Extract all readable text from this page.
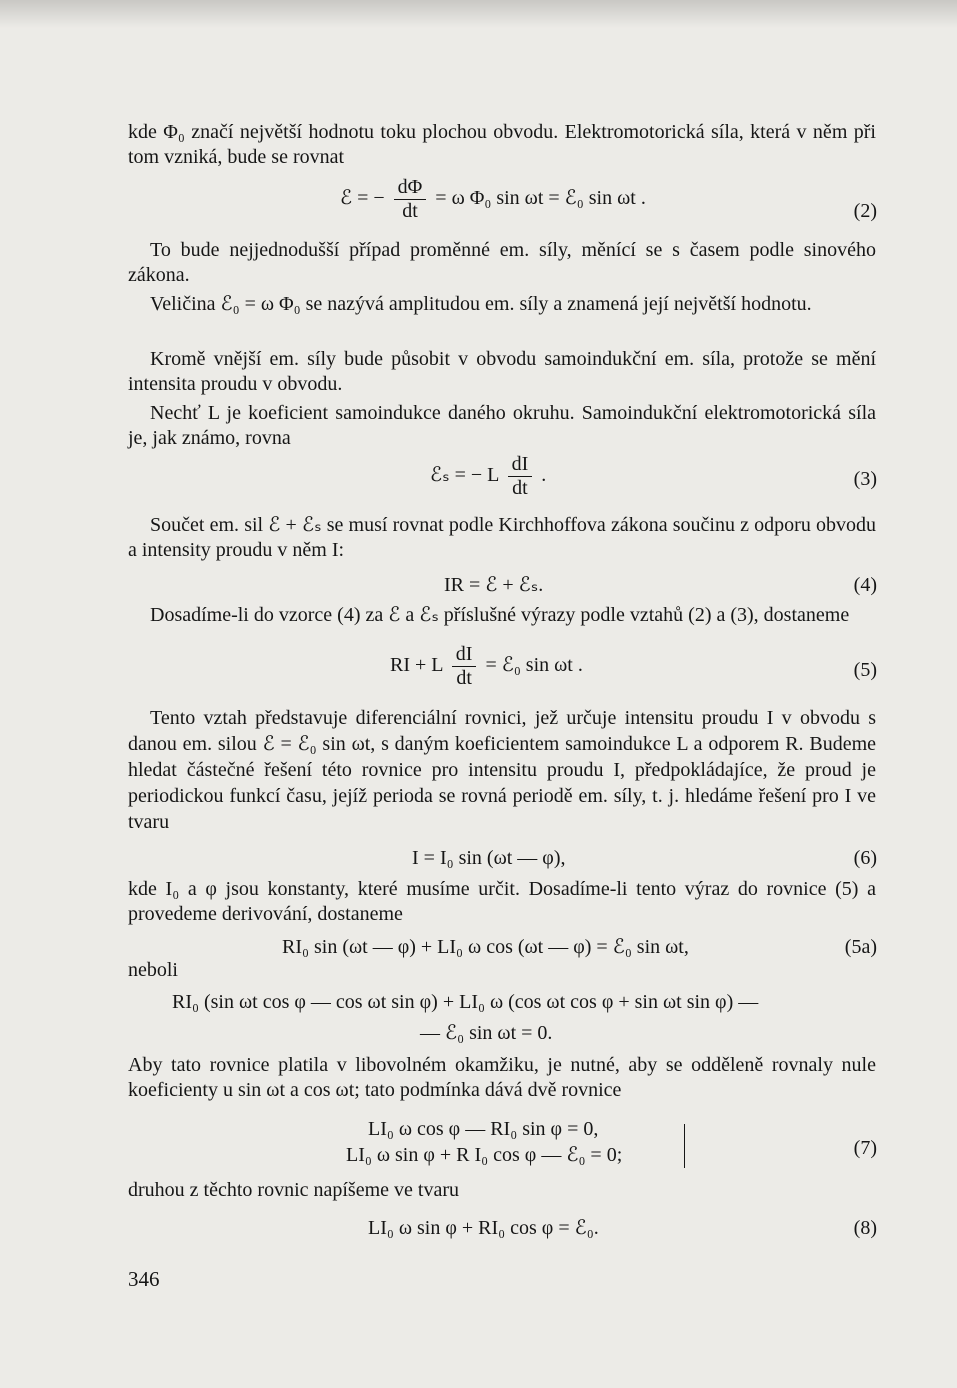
kde Φ₀ značí největší hodnotu toku plochou obvodu. Elektromotorická síla, která v něm při tom vzniká, bude se rovnat
ℰ = − $\frac{d\Phi}{dt} = \omega$ Φ₀ sin ωt = ℰ₀ sin ωt .
(2)
To bude nejjednodušší případ proměnné em. síly, měnící se s časem podle sinového zákona.
Veličina ℰ₀ = ω Φ₀ se nazývá amplitudou em. síly a znamená její největší hodnotu.
Kromě vnější em. síly bude působit v obvodu samoindukční em. síla, protože se mění intensita proudu v obvodu.
Nechť L je koeficient samoindukce daného okruhu. Samoindukční elektromotorická síla je, jak známo, rovna
ℰₛ = − L $\frac{dI}{dt}$ .	(3)
Součet em. sil ℰ + ℰₛ se musí rovnat podle Kirchhoffova zákona součinu z odporu obvodu a intensity proudu v něm I:
IR = ℰ + ℰₛ.	(4)
Dosadíme-li do vzorce (4) za ℰ a ℰₛ příslušné výrazy podle vztahů (2) a (3), dostaneme
RI + L $\frac{dI}{dt}$ = ℰ₀ sin ωt .	(5)
Tento vztah představuje diferenciální rovnici, jež určuje intensitu proudu I v obvodu s danou em. silou ℰ = ℰ₀ sin ωt, s daným koeficientem samoindukce L a odporem R. Budeme hledat částečné řešení této rovnice pro intensitu proudu I, předpokládajíce, že proud je periodickou funkcí času, jejíž perioda se rovná periodě em. síly, t. j. hledáme řešení pro I ve tvaru
I = I₀ sin (ωt — φ),	(6)
kde I₀ a φ jsou konstanty, které musíme určit. Dosadíme-li tento výraz do rovnice (5) a provedeme derivování, dostaneme
RI₀ sin (ωt — φ) + LI₀ ω cos (ωt — φ) = ℰ₀ sin ωt,	(5a)
neboli
RI₀ (sin ωt cos φ — cos ωt sin φ) + LI₀ ω (cos ωt cos φ + sin ωt sin φ) —
— ℰ₀ sin ωt = 0.
Aby tato rovnice platila v libovolném okamžiku, je nutné, aby se odděleně rovnaly nule koeficienty u sin ωt a cos ωt; tato podmínka dává dvě rovnice
LI₀ ω cos φ — RI₀ sin φ = 0,
LI₀ ω sin φ + R I₀ cos φ — ℰ₀ = 0;	(7)
druhou z těchto rovnic napíšeme ve tvaru
LI₀ ω sin φ + RI₀ cos φ = ℰ₀.	(8)
346
